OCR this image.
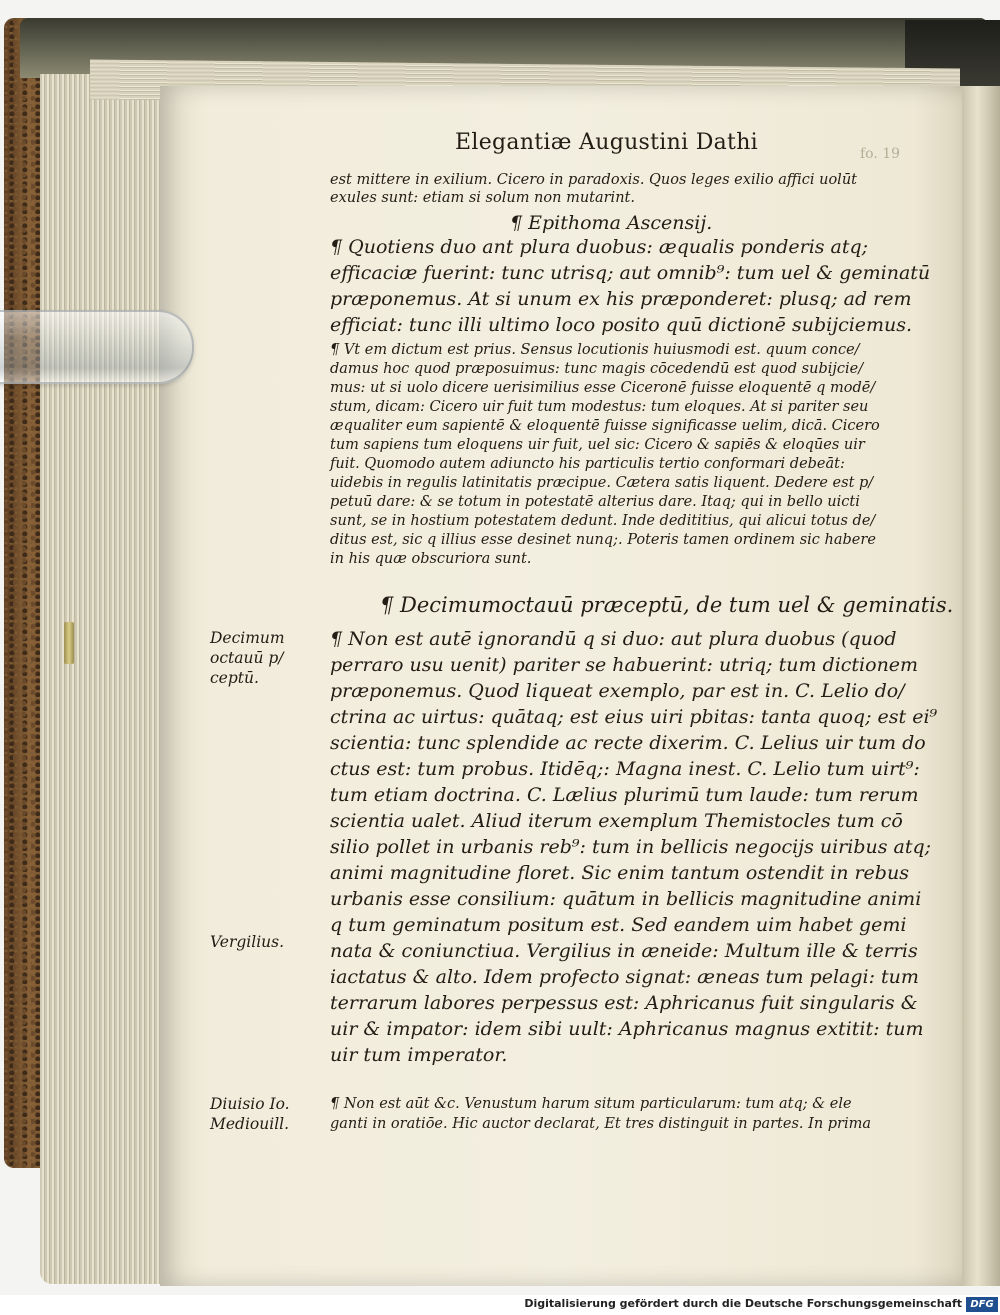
Elegantiæ Augustini Dathi	fo. 19
est mittere in exilium. Cicero in paradoxis. Quos leges exilio affici uolūt
exules sunt: etiam si solum non mutarint.
¶ Epithoma Ascensij.
¶ Quotiens duo ant plura duobus: æqualis ponderis atq;
efficaciæ fuerint: tunc utrisq; aut omnib⁹: tum uel & geminatū
præponemus. At si unum ex his præponderet: plusq; ad rem
efficiat: tunc illi ultimo loco posito quū dictionē subijciemus.
¶ Vt em dictum est prius. Sensus locutionis huiusmodi est. quum conce/
damus hoc quod præposuimus: tunc magis cōcedendū est quod subijcie/
mus: ut si uolo dicere uerisimilius esse Ciceronē fuisse eloquentē q modē/
stum, dicam: Cicero uir fuit tum modestus: tum eloques. At si pariter seu
æqualiter eum sapientē & eloquentē fuisse significasse uelim, dicā. Cicero
tum sapiens tum eloquens uir fuit, uel sic: Cicero & sapiēs & eloqūes uir
fuit. Quomodo autem adiuncto his particulis tertio conformari debeāt:
uidebis in regulis latinitatis præcipue. Cætera satis liquent. Dedere est p/
petuū dare: & se totum in potestatē alterius dare. Itaq; qui in bello uicti
sunt, se in hostium potestatem dedunt. Inde dedititius, qui alicui totus de/
ditus est, sic q illius esse desinet nunq;. Poteris tamen ordinem sic habere
in his quæ obscuriora sunt.
¶ Decimumoctauū præceptū, de tum uel & geminatis.
¶ Non est autē ignorandū q si duo: aut plura duobus (quod
perraro usu uenit) pariter se habuerint: utriq; tum dictionem
præponemus. Quod liqueat exemplo, par est in. C. Lelio do/
ctrina ac uirtus: quātaq; est eius uiri pbitas: tanta quoq; est ei⁹
scientia: tunc splendide ac recte dixerim. C. Lelius uir tum do
ctus est: tum probus. Itidēq;: Magna inest. C. Lelio tum uirt⁹:
tum etiam doctrina. C. Lælius plurimū tum laude: tum rerum
scientia ualet. Aliud iterum exemplum Themistocles tum cō
silio pollet in urbanis reb⁹: tum in bellicis negocijs uiribus atq;
animi magnitudine floret. Sic enim tantum ostendit in rebus
urbanis esse consilium: quātum in bellicis magnitudine animi
q tum geminatum positum est. Sed eandem uim habet gemi
nata & coniunctiua. Vergilius in æneide: Multum ille & terris
iactatus & alto. Idem profecto signat: æneas tum pelagi: tum
terrarum labores perpessus est: Aphricanus fuit singularis &
uir & impator: idem sibi uult: Aphricanus magnus extitit: tum
uir tum imperator.
¶ Non est aūt &c. Venustum harum situm particularum: tum atq; & ele
ganti in oratiōe. Hic auctor declarat, Et tres distinguit in partes. In prima
Decimum
octauū p/
ceptū.
Vergilius.
Diuisio Io.
Mediouill.
Digitalisierung gefördert durch die Deutsche Forschungsgemeinschaft DFG
